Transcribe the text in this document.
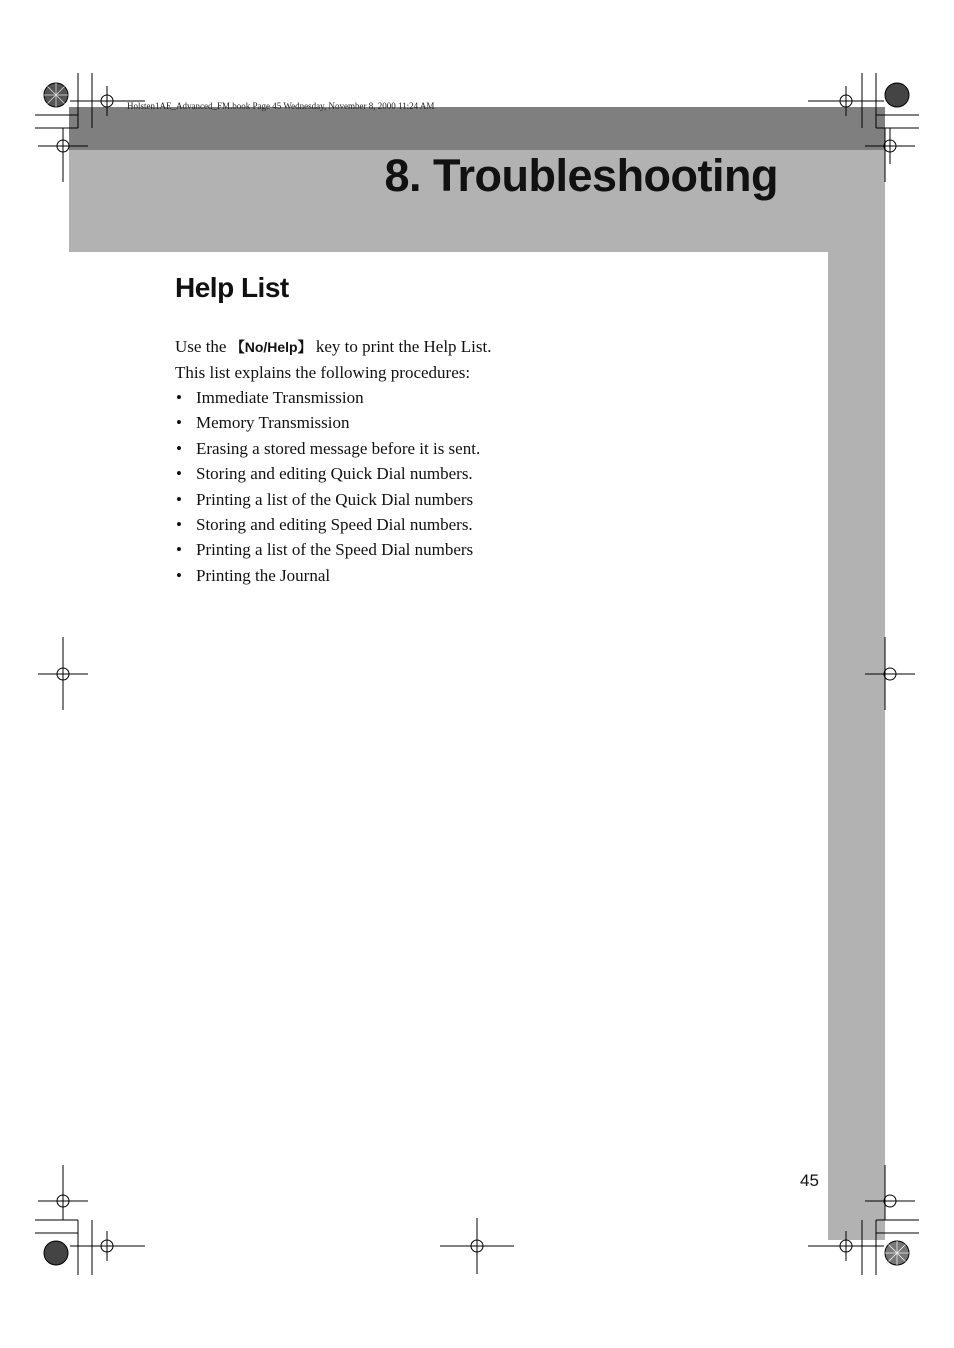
Holsten1AE_Advanced_FM.book Page 45 Wednesday, November 8, 2000 11:24 AM
8. Troubleshooting
Help List
Use the 【No/Help】 key to print the Help List.
This list explains the following procedures:
• Immediate Transmission
• Memory Transmission
• Erasing a stored message before it is sent.
• Storing and editing Quick Dial numbers.
• Printing a list of the Quick Dial numbers
• Storing and editing Speed Dial numbers.
• Printing a list of the Speed Dial numbers
• Printing the Journal
45
